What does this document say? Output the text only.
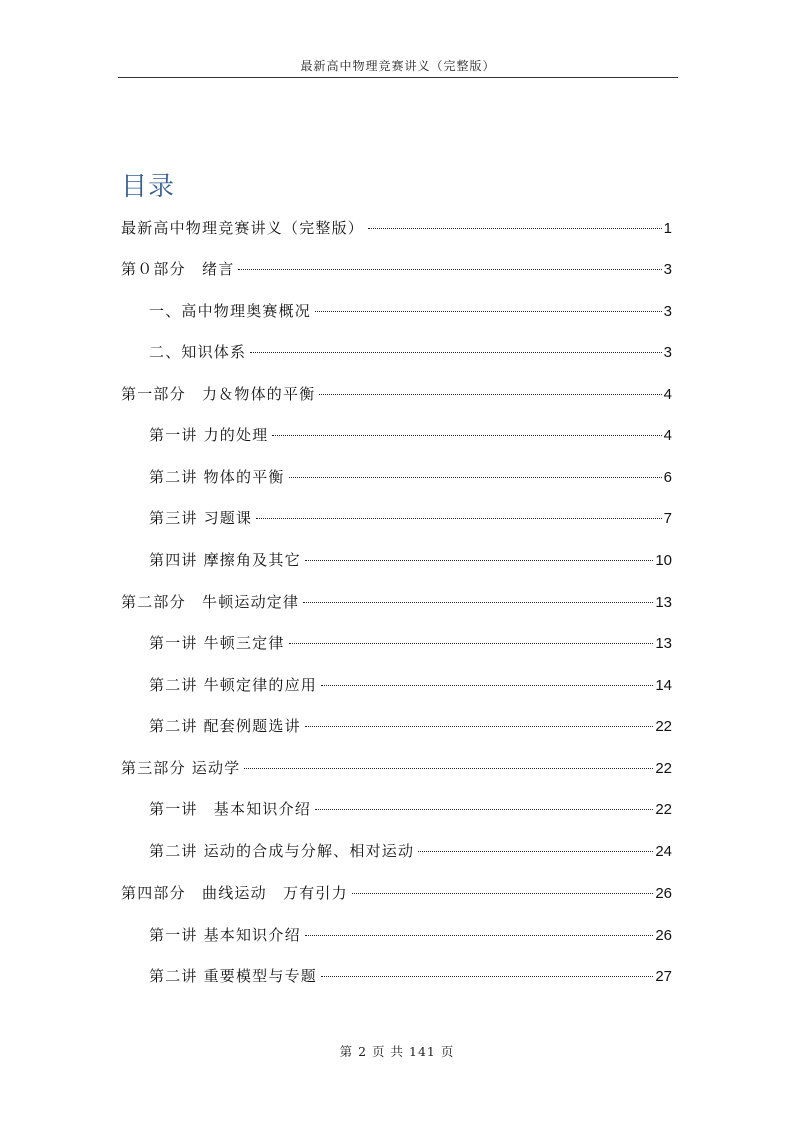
最新高中物理竞赛讲义（完整版）
目录
最新高中物理竞赛讲义（完整版）	1
第０部分　绪言	3
一、高中物理奥赛概况	3
二、知识体系	3
第一部分　力＆物体的平衡	4
第一讲 力的处理	4
第二讲 物体的平衡	6
第三讲 习题课	7
第四讲 摩擦角及其它	10
第二部分　牛顿运动定律	13
第一讲 牛顿三定律	13
第二讲 牛顿定律的应用	14
第二讲 配套例题选讲	22
第三部分 运动学	22
第一讲　基本知识介绍	22
第二讲 运动的合成与分解、相对运动	24
第四部分　曲线运动　万有引力	26
第一讲 基本知识介绍	26
第二讲 重要模型与专题	27
第 2 页 共 141 页
